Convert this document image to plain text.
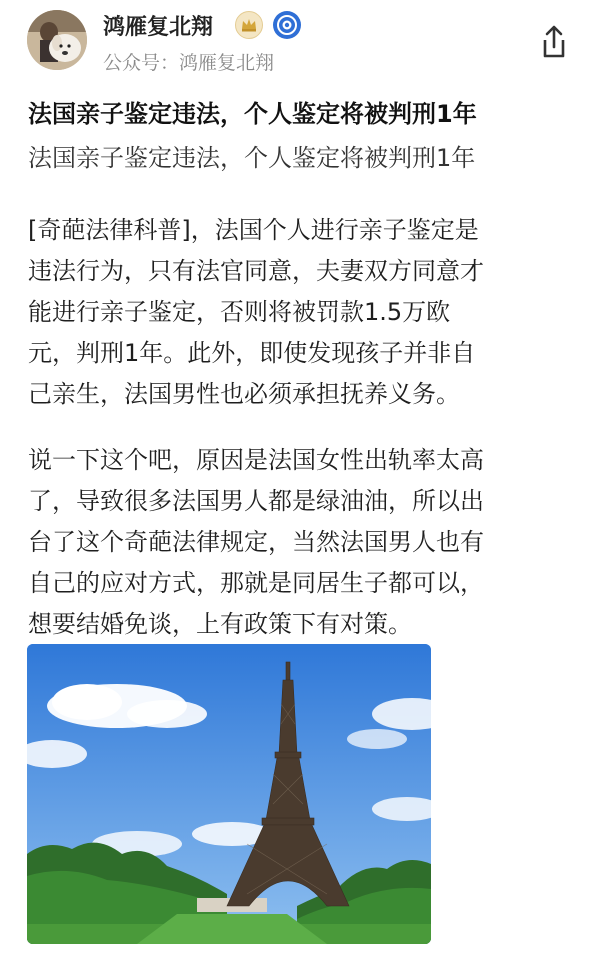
鸿雁复北翔
公众号：鸿雁复北翔
法国亲子鉴定违法，个人鉴定将被判刑1年
法国亲子鉴定违法，个人鉴定将被判刑1年
[奇葩法律科普]，法国个人进行亲子鉴定是
违法行为，只有法官同意，夫妻双方同意才
能进行亲子鉴定，否则将被罚款1.5万欧
元，判刑1年。此外，即使发现孩子并非自
己亲生，法国男性也必须承担抚养义务。
说一下这个吧，原因是法国女性出轨率太高
了，导致很多法国男人都是绿油油，所以出
台了这个奇葩法律规定，当然法国男人也有
自己的应对方式，那就是同居生子都可以，
想要结婚免谈，上有政策下有对策。
